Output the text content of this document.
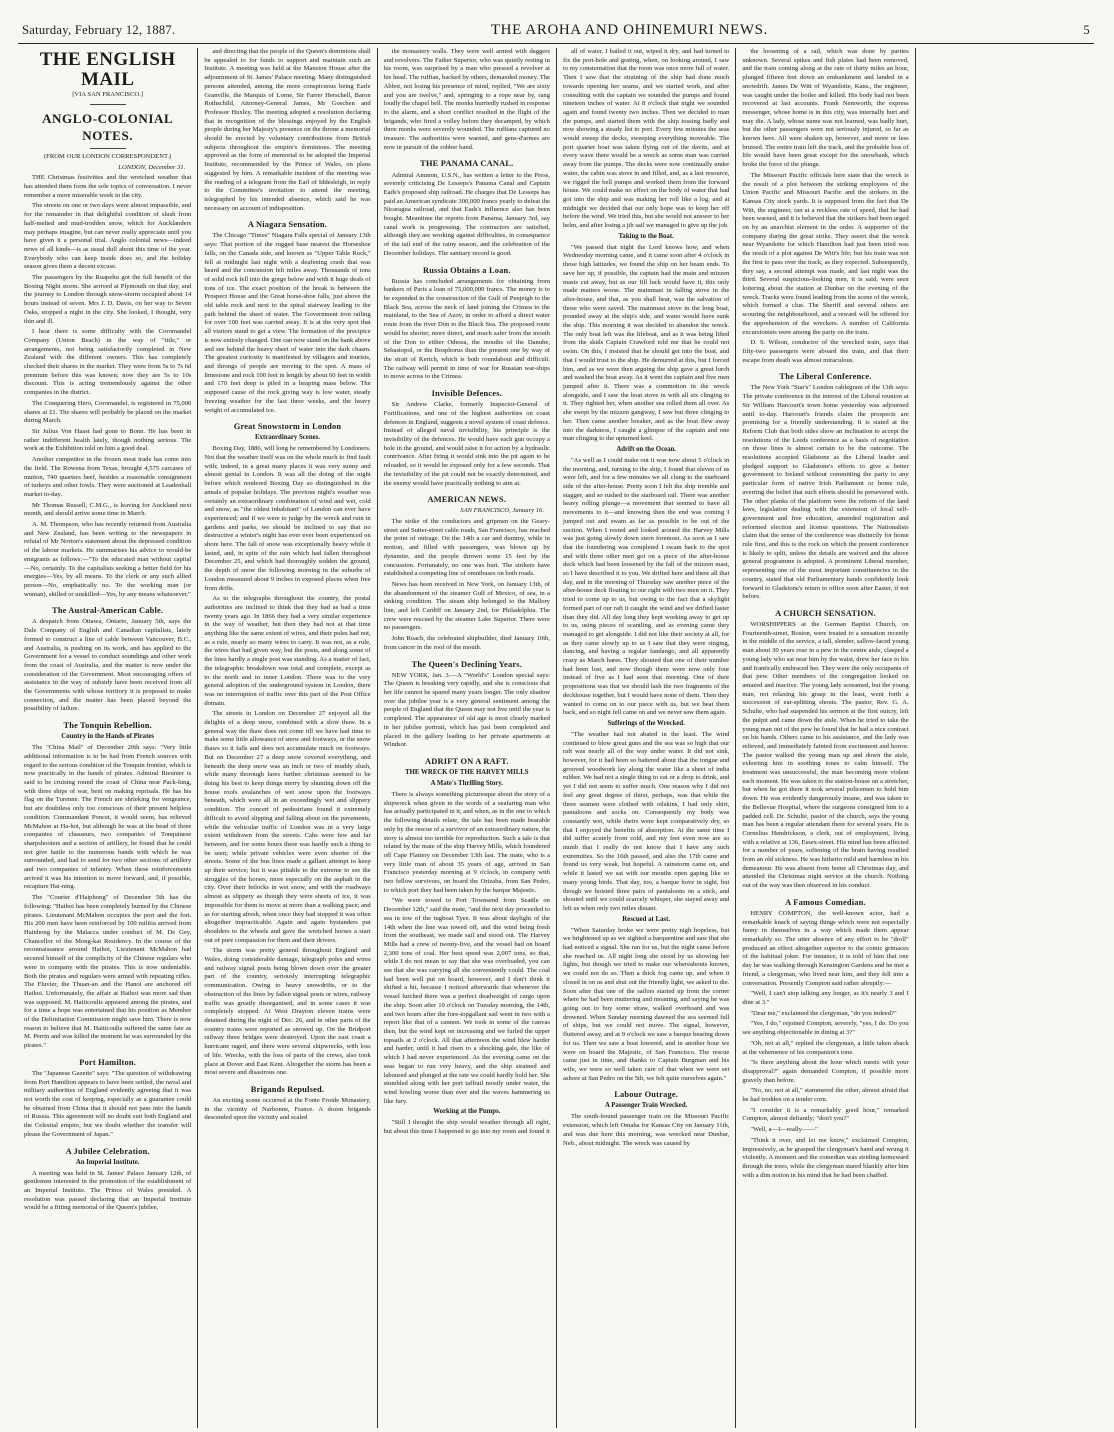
Saturday, February 12, 1887.	THE AROHA AND OHINEMURI NEWS.	5
THE ENGLISH MAIL
[VIA SAN FRANCISCO.]
ANGLO-COLONIAL NOTES.
(FROM OUR LONDON CORRESPONDENT.)
LONDON, December 31.

THE Christmas festivities and the wretched weather that has attended them form the sole topics of conversation. I never remember a more miserable week in the city.

The streets on one or two days were almost impassible, and for the remainder in that delightful condition of slush from half-melted and mud-trodden snow, which for Aucklanders may perhaps imagine, but can never really appreciate until you have given it a personal trial. Anglo colonial news—indeed news of all kinds—is as usual dull about this time of the year. Everybody who can keep inside does so, and the holiday season gives them a decent excuse.

The passengers by the Ruapehu got the full benefit of the Boxing Night storm. She arrived at Plymouth on that day, and the journey to London through snow-storm occupied about 14 hours instead of seven. Mrs J. D. Davis, on her way to Seven Oaks, stopped a night in the city. She looked, I thought, very thin and ill.

I hear there is some difficulty with the Coromandel Company (Union Beach) in the way of "title," or arrangements, not being satisfactorily completed in New Zealand with the different owners. This has completely checked their shares in the market. They were from 5s to 7s 6d premium before this was known; now they are 5s to 10s discount. This is acting tremendously against the other companies in the district.

The Conquering Hero, Coromandel, is registered in 75,000 shares at £1. The shares will probably be placed on the market during March.

Sir Julius Von Haast had gone to Bonn. He has been in rather indifferent health lately, though nothing serious. The work at the Exhibition told on him a good deal.

Another competitor in the frozen meat trade has come into the field. The Rowena from Texas, brought 4,575 carcases of mutton, 740 quarters beef, besides a reasonable consignment of turkeys and other fowls. They were auctioned at Leadenhall market to-day.

Mr Thomas Russell, C.M.G., is leaving for Auckland next month, and should arrive some time in March.

A. M. Thompson, who has recently returned from Australia and New Zealand, has been writing to the newspapers in refutal of Mr Norton's statement about the depressed condition of the labour markets. He summarises his advice to would-be emigrants as follows:—"To the educated man without capital—No, certainly. To the capitalists seeking a better field for his energies—Yes, by all means. To the clerk or any such allied person—No, emphatically no. To the working man (or woman), skilled or unskilled—Yes, by any means whatsoever."

The Austral-American Cable.

A despatch from Ottawa, Ontario, January 5th, says the Dale Company of English and Canadian capitalists, lately formed to construct a line of cable between Vancouver, B.C., and Australia, is pushing on its work, and has applied to the Government for a vessel to conduct soundings and other work from the coast of Australia, and the matter is now under the consideration of the Government. Most encouraging offers of assistance in the way of subsidy have been received from all the Governments with whose territory it is proposed to make connection, and the matter has been placed beyond the possibility of failure.

The Tonquin Rebellion.
Country in the Hands of Pirates

The "China Mail" of December 20th says: "Very little additional information is to be had from French sources with regard to the serious condition of the Tonquin frontier, which is now practically in the hands of pirates. Admiral Rieunier is said to be cruising round the coast of China near Pack-lung, with three ships of war, bent on making reprisals. He has his flag on the Turenne. The French are shrieking for vengeance, but are doubtless only too conscious of their present helpless condition. Commandant Poncet, it would seem, has relieved McMahon at Ha-hot, but although he was at the head of three companies of chasseurs, two companies of Tonquinese sharpshooters and a section of artillery, he found that he could not give battle to the numerous bands with which he was surrounded, and had to send for two other sections of artillery and two companies of infantry. When these reinforcements arrived it was his intention to move forward, and, if possible, recapture Hai-ning.

The "Courier d'Haiphong" of December 5th has the following: "Haihoi has been completely burned by the Chinese pirates. Lieutenant McMahon occupies the port and the fort. His 200 men have been reinforced by 100 militia arrived from Hainhong by the Malacca under conduct of M. De Gey, Chancellor of the Mong-kai Residency. In the course of the reconnaissance around Haihoi, Lieutenant McMahon had secured himself of the complicity of the Chinese regulars who were in company with the pirates. This is now undeniable. Both the pirates and regulars were armed with repeating rifles. The Fluvier, the Thuan-an and the Hanoi are anchored off Haihoi. Unfortunately, the affair at Haihoi was more sad than was supposed. M. Haiticoulis appeared among the pirates, and for a time a hope was entertained that his position as Member of the Delimitation Commission might save him. There is now reason to believe that M. Haiticoulis suffered the same fate as M. Perrin and was killed the moment he was surrounded by the pirates."

Port Hamilton.

The "Japanese Gazette" says: "The question of withdrawing from Port Hamilton appears to have been settled, the naval and military authorities of England evidently agreeing that it was not worth the cost of keeping, especially as a guarantee could be obtained from China that it should not pass into the hands of Russia. This agreement will no doubt suit both England and the Celestial empire, but we doubt whether the transfer will please the Government of Japan."

A Jubilee Celebration.
An Imperial Institute.

A meeting was held in St. James' Palace January 12th, of gentlemen interested in the promotion of the establishment of an Imperial Institute. The Prince of Wales presided. A resolution was passed declaring that an Imperial Institute would be a fitting memorial of the Queen's jubilee,

and directing that the people of the Queen's dominions shall be appealed to for funds to support and maintain such an Institute. A meeting was held at the Mansion House after the adjournment of St. James' Palace meeting. Many distinguished persons attended, among the more conspicuous being Earle Granville, the Marquis of Lorne, Sir Farrer Herschell, Baron Rothschild, Attorney-General James, Mr Goschen and Professor Huxley. The meeting adopted a resolution declaring that in recognition of the blessings enjoyed by the English people during her Majesty's presence on the throne a memorial should be erected by voluntary contributions from British subjects throughout the empire's dominions. The meeting approved as the form of memorial to be adopted the Imperial Institute, recommended by the Prince of Wales, on plans suggested by him. A remarkable incident of the meeting was the reading of a telegram from the Earl of Iddesleigh, in reply to the Committee's invitation to attend the meeting, telegraphed by his intended absence, which said he was necessary on account of indisposition.

A Niagara Sensation.

The Chicago "Times" Niagara Falls special of January 13th says: That portion of the rugged base nearest the Horseshoe falls, on the Canada side, and known as "Upper Table Rock," fell at midnight last night with a deafening crash that was heard and the concussion felt miles away. Thousands of tons of solid rock fell into the gorge below and with it huge deals of tons of ice. The exact position of the break is between the Prospect House and the Great horse-shoe falls, just above the old table rock and next to the spiral stairway leading to the path behind the sheet of water. The Government iron railing for over 100 feet was carried away. It is at the very spot that all visitors stand to get a view. The formation of the precipice is now entirely changed. One can now stand on the bank above and see behind the heavy sheet of water into the dark chasm. The greatest curiosity is manifested by villagers and tourists, and throngs of people are moving to the spot. A mass of limestone and rock 100 feet in length by about 60 feet in width and 170 feet deep is piled in a heaping mass below. The supposed cause of the rock giving way is low water, steady freezing weather for the last three weeks, and the heavy weight of accumulated ice.

Great Snowstorm in London
Extraordinary Scenes.

Boxing Day, 1886, will long be remembered by Londoners. Not that the weather itself was on the whole much to find fault with; indeed, in a great many places it was very sunny and almost genial in London. It was all the doing of the night before which rendered Boxing Day so distinguished in the annals of popular holidays. The previous night's weather was certainly an extraordinary combination of wind and wet, cold and snow, as "the oldest inhabitant" of London can ever have experienced; and if we were to judge by the wreck and ruin in gardens and parks, we should be inclined to say that no destructive a winter's night has ever ever been experienced on shore here. The fall of snow was exceptionally heavy while it lasted, and, in spite of the rain which had fallen throughout December 25, and which had thoroughly sodden the ground, the depth of snow the following morning in the suburbs of London measured about 9 inches in exposed places when free from drifts.

As to the telegraphs throughout the country, the postal authorities are inclined to think that they had as bad a time twenty years ago. In 1866 they had a very similar experience in the way of weather, but then they had not at that time anything like the same extent of wires, and their poles had not, as a rule, nearly so many wires to carry. It was not, as a rule, the wires that had given way, but the posts, and along some of the lines hardly a single post was standing. As a matter of fact, the telegraphic breakdown was total and complete, except as to the north and in inner London. There was to the very general adoption of the underground system in London, there was no interruption of traffic over this part of the Post Office domain.

The streets in London on December 27 enjoyed all the delights of a deep snow, combined with a slow thaw. In a general way the thaw does not come till we have had time to make some little allowance of snow and footways, or the snow thaws so it falls and does not accumulate much on footways. But on December 27 a deep snow covered everything, and beneath the deep snow was an inch or two of muddy slush, while many thorough fares further christmas seemed to be doing his best to keep things merry by shunting down off the house roofs avalanches of wet snow upon the footways beneath, which were all in an exceedingly wet and slippery condition. The concert of pedestrians found it extremely difficult to avoid slipping and falling about on the pavements, while the vehicular traffic of London was in a very large extent withdrawn from the streets. Cabs were few and far between, and for some hours there was hardly such a thing to be seen; while private vehicles were even shorter of the streets. Some of the bus lines made a gallant attempt to keep up their service; but it was pitiable to the extreme to see the struggles of the horses, more especially on the asphalt in the city. Over their fetlocks in wet snow, and with the roadways almost as slippery as though they were sheets of ice, it was impossible for them to move at more than a walking pace; and as for starting afresh, when once they had stopped it was often altogether impracticable. Again and again bystanders put shoulders to the wheels and gave the wretched horses a start out of pure compassion for them and their drivers.

The storm was pretty general throughout England and Wales, doing considerable damage, telegraph poles and wires and railway signal posts being blown down over the greater part of the country, seriously interrupting telegraphic communication. Owing to heavy snowdrifts, or to the obstruction of the lines by fallen signal posts or wires, railway traffic was greatly disorganised, and in some cases it was completely stopped. At West Drayton eleven trains were detained during the night of Dec. 26, and in other parts of the country trains were reported as snowed up. On the Bridport railway three bridges were destroyed. Upon the east coast a hurricane raged, and there were several shipwrecks, with loss of life. Wrecks, with the loss of parts of the crews, also took place at Dover and East Kent. Altogether the storm has been a most severe and disastrous one.

Brigands Repulsed.

An exciting scene occurred at the Fonte Froide Monastery, in the vicinity of Narbonne, France. A dozen brigands descended upon the vicinity and scaled

the monastery walls. They were well armed with daggers and revolvers. The Father Superior, who was quietly resting in his room, was surprised by a man who pressed a revolver at his head. The ruffian, backed by others, demanded money. The Abbot, not losing his presence of mind, replied, "We are sixty and you are twelve," and, springing to a rope near by, rang loudly the chapel bell. The monks hurriedly rushed in response to the alarm, and a short conflict resulted in the flight of the brigands, who fired a volley before they decamped, by which three monks were severely wounded. The ruffians captured no treasure. The authorities were warned, and gens-d'armes are now in pursuit of the robber band.

THE PANAMA CANAL.

Admiral Ammon, U.S.N., has written a letter to the Press, severely criticising De Lesseps's Panama Canal and Captain Eads's proposed ship railroad. He charges that De Lesseps has paid an American syndicate 300,000 francs yearly to defeat the Nicaragua railroad, and that Eads's influence also has been bought. Meantime the reports from Panama, January 3rd, say canal work is progressing. The contractors are satisfied, although they are working against difficulties, in consequence of the tail end of the rainy season, and the celebration of the December holidays. The sanitary record is good.

Russia Obtains a Loan.

Russia has concluded arrangements for obtaining from bankers of Paris a loan of 75,000,000 francs. The money is to be expended in the construction of the Gulf of Penjeigh to the Black Sea, across the neck of land joining the Crimea to the mainland, to the Sea of Azov, in order to afford a direct water route from the river Don to the Black Sea. The proposed route would be shorter, more direct, and much safer from the mouth of the Don to either Odessa, the mouths of the Danube, Sebastopol, or the Bosphorus than the present one by way of the strait of Kertch, which is both roundabout and difficult. The railway will permit in time of war for Russian war-ships to move across to the Crimea.

Invisible Defences.

Sir Andrew Clarke, formerly Inspector-General of Fortifications, and one of the highest authorities on coast defences in England, suggests a novel system of coast defence. Instead of alleged naval invisibility, his principle is the invisibility of the defences. He would have each gun occupy a hole in the ground, and would raise it for action by a hydraulic contrivance. After firing it would sink into the pit again to be reloaded, so it would be exposed only for a few seconds. That the invisibility of the pit could not be exactly determined, and the enemy would have practically nothing to aim at.

AMERICAN NEWS.
SAN FRANCISCO, January 16.

The strike of the conductors and gripmen on the Geary-street and Sutter-street cable roads, San Francisco, has reached the point of outrage. On the 14th a car and dummy, while in motion, and filled with passengers, was blown up by dynamite, and the people thrown some 15 feet by the concussion. Fortunately, no one was hurt. The strikers have established a competing line of omnibuses on both roads.

News has been received in New York, on January 13th, of the abandonment of the steamer Gulf of Mexico, of sea, in a sinking condition. The steam ship belonged to the Mallory line, and left Cardiff on January 2nd, for Philadelphia. The crew were rescued by the steamer Lake Superior. There were no passengers.

John Roach, the celebrated shipbuilder, died January 10th, from cancer in the roof of the mouth.

The Queen's Declining Years.

NEW YORK, Jan. 3.—A "World's" London special says: The Queen is breaking very rapidly, and she is conscious that her life cannot be spared many years longer. The only shadow over the jubilee year is a very general sentiment among the people of England that the Queen may not live until the year is completed. The appearance of old age is most clearly marked in her jubilee portrait, which has just been completed and placed in the gallery leading to her private apartments at Windsor.

ADRIFT ON A RAFT.
THE WRECK OF THE HARVEY MILLS
A Mate's Thrilling Story.

There is always something picturesque about the story of a shipwreck when given in the words of a seafaring man who has actually participated in it, and when, as in the one to which the following details relate, the tale has been made bearable only by the rescue of a survivor of an extraordinary nature, the story is almost too terrible for reproduction. Such a tale is that related by the mate of the ship Harvey Mills, which foundered off Cape Flattery on December 13th last. The mate, who is a very little man of about 35 years of age, arrived in San Francisco yesterday morning at 9 o'clock, in company with two fellow survivors, on board the Orizaba, from San Pedro, to which port they had been taken by the barque Majestic.

"We were towed to Port Townsend from Seattle on December 12th," said the mate, "and the next day proceeded to sea in tow of the tugboat Tyee. It was about daylight of the 14th when the line was towed off, and the wind being fresh from the southeast, we made sail and stood out. The Harvey Mills had a crew of twenty-five, and the vessel had on board 2,300 tons of coal. Her best speed was 2,007 tons, so that, while I do not mean to say that she was overloaded, you can see that she was carrying all she conveniently could. The coal had been well put on board, however, and I don't think it shifted a bit, because I noticed afterwards that whenever the vessel lurched there was a perfect deadweight of cargo upon the ship. Soon after 10 o'clock on Tuesday morning, the 14th, and two hours after the fore-topgallant sail went in two with a report like that of a cannon. We took in some of the canvas then, but the wind kept on increasing and we furled the upper topsails at 2 o'clock. All that afternoon the wind blew harder and harder, until it had risen to a shocking gale, the like of which I had never experienced. As the evening came on the seas began to run very heavy, and the ship strained and laboured and plunged at the rate we could hardly hold her. She stumbled along with her port taffrail mostly under water, the wind howling worse than ever and the waves hammering us like fury.

Working at the Pumps.

"Still I thought the ship would weather through all right, but about this time I happened to go into my room and found it

all of water. I bailed it out, wiped it dry, and had turned to fix the port-hole and grating, when, on looking around, I saw to my consternation that the room was once more full of water. Then I saw that the straining of the ship had done much towards opening her seams, and we started work, and after consulting with the captain we sounded the pumps and found nineteen inches of water. At 8 o'clock that night we sounded again and found twenty two inches. Then we decided to man the pumps, and started them with the ship tossing badly and now showing a steady list to port. Every few minutes the seas would sweep the decks, sweeping everything moveable. The port quarter boat was taken flying out of the davits, and at every wave there would be a wreck as some man was carried away from the pumps. The decks were now continually under water, the cabin was stove in and filled, and, as a last resource, we rigged the bell pumps and worked them from the forward house. We could make no effect on the body of water that had got into the ship and was making her roll like a log, and at midnight we decided that our only hope was to keep her off before the wind. We tried this, but she would not answer to her helm, and after losing a jib sail we managed to give up the job.

Taking to the Boat.

"We passed that night the Lord knows how, and when Wednesday morning came, and it came soon after 4 o'clock in those high latitudes, we found the ship on her beam ends. To save her up, if possible, the captain had the main and mizzen masts cut away, but as our fill luck would have it, this only made matters worse. The mainmast in falling stove in the after-house, and that, as you shall hear, was the salvation of those who were saved. The mainmast stove in the long boat, pounded away at the ship's side, and water would have sunk the ship. This morning it was decided to abandon the wreck. The only boat left was the lifeboat, and as it was being lifted from the skids Captain Crawford told me that he could not swim. On this, I insisted that he should get into the boat, and that I would trust to the ship. He demurred at this, but I forced him, and as we were then arguing the ship gave a great lurch and washed the boat away. As it went the captain and five men jumped after it. There was a commotion in the wreck alongside, and I saw the boat stove in with all six clinging to it. They righted her, when another sea rolled them all over. As she swept by the mizzen gangway, I saw but three clinging to her. Then came another breaker, and as the boat flew away into the darkness, I caught a glimpse of the captain and one man clinging to the upturned keel.

Adrift on the Ocean.

"As well as I could make out it was now about 5 o'clock in the morning, and, turning to the ship, I found that eleven of us were left, and for a few minutes we all clung to the starboard side of the after-house. Pretty soon I felt the ship tremble and stagger, and so rushed to the starboard rail. There was another heavy rolling plunge—a movement that seemed to have all movements to it—and knowing then the end was coming I jumped out and swam as far as possible to be out of the suction. When I rested and looked around the Harvey Mills was just going slowly down stern foremost. As soon as I saw that the foundering was completed I swam back to the spot and with three other men got on a piece of the after-house deck which had been loosened by the fall of the mizzen mast, so I have described it to you. We drifted here and there all that day, and in the morning of Thursday saw another piece of the after-house deck floating to our right with two men on it. They tried to come up to us, but owing to the fact that a skylight formed part of our raft it caught the wind and we drifted faster than they did. All day long they kept working away to get up to us, using pieces of scantling, and as evening came they managed to get alongside. I did not like their society at all, for as they came slowly up to us I saw that they were singing, dancing, and having a regular fandango, and all apparently crazy as March hares. They shouted that one of their number had been lost, and now though there were now only four instead of five as I had seen that morning. One of their propositions was that we should lash the two fragments of the deckhouse together, but I would have none of them. Then they wanted to come on to our piece with us, but we beat them back, and so night fell came on and we never saw them again.

Sufferings of the Wrecked.

"The weather had not abated in the least. The wind continued to blow great guns and the sea was so high that our raft was nearly all of the way under water. It did not sink, however, for it had been so battered about that the tongue and grooved woodwork lay along the water like a sheet of india rubber. We had not a single thing to eat or a drop to drink, and yet I did not seem to suffer much. One reason why I did not feel any great degree of thirst, perhaps, was that while the three seamen were clothed with oilskins, I had only shirt, pantaloons and socks on. Consequently my body was constantly wet, while theirs were kept comparatively dry, so that I enjoyed the benefits of absorption. At the same time I did suffer acutely from cold, and my feet even now are so numb that I really do not know that I have any such extremities. So the 16th passed, and also the 17th came and found us very weak, but hopeful. A rainstorm came on, and while it lasted we sat with our mouths open gaping like so many young birds. That day, too, a barque hove in sight, but though we hoisted three pairs of pantaloons on a stick, and shouted until we could scarcely whisper, she stayed away and left us when only two miles distant.

Rescued at Last.

"When Saturday broke we were pretty nigh hopeless, but we brightened up as we sighted a barquentine and saw that she had noticed a signal. She ran for us, but the night came before she reached us. All night long she stood by us showing her lights, but though we tried to make our whereabouts known, we could not do so. Then a thick fog came up, and when it closed in on us and shut out the friendly light, we asked to die. Soon after that one of the sailors started up from the corner where he had been muttering and moaning, and saying he was going out to buy some straw, walked overboard and was drowned. When Sunday morning dawned the sea seemed full of ships, but we could not move. The signal, however, fluttered away, and at 9 o'clock we saw a barque bearing down for us. Then we saw a boat lowered, and in another hour we were on board the Majestic, of San Francisco. The rescue came just in time, and thanks to Captain Burgman and his wife, we were so well taken care of that when we were set ashore at San Pedro on the 5th, we felt quite ourselves again."

Labour Outrage.
A Passenger Train Wrecked.

The south-bound passenger train on the Missouri Pacific extension, which left Omaha for Kansas City on January 11th, and was due here this morning, was wrecked near Dunbar, Neb., about midnight. The wreck was caused by

the loosening of a rail, which was done by parties unknown. Several spikes and fish plates had been removed, and the train coming along at the rate of thirty miles an hour, plunged fifteen feet down an embankment and landed in a snowdrift. James De Witt of Wyandotte, Kans., the engineer, was caught under the boiler and killed. His body had not been recovered at last accounts. Frank Nemworth, the express messenger, whose home is in this city, was internally hurt and may die. A lady, whose name was not learned, was badly hurt, but the other passengers were not seriously injured, so far as known here. All were shaken up, however, and more or less bruised. The entire train left the track, and the probable loss of life would have been great except for the snowbank, which broke the force of the plunge.

The Missouri Pacific officials here state that the wreck is the result of a plot between the striking employees of the Union Pacific and Missouri Pacific and the strikers in the Kansas City stock yards. It is supposed from the fact that De Witt, the engineer, ran at a reckless rate of speed, that he had been warned, and it is believed that the strikers had been urged on by an anarchist element in the order. A supporter of the company during the great strike. They assert that the wreck near Wyandotte for which Hamilton had just been tried was the result of a plot against De Witt's life; but his train was not the first to pass over the track, as they expected. Subsequently, they say, a second attempt was made, and last night was the third. Several suspicious-looking men, it is said, were seen loitering about the station at Dunbar on the evening of the wreck. Tracks were found leading from the scene of the wreck, which formed a clue. The Sheriff and several others are scouring the neighbourhood, and a reward will be offered for the apprehension of the wreckers. A number of California excursionists were among the party on the train.

D. S. Wilson, conductor of the wrecked train, says that fifty-two passengers were aboard the train, and that their escape from death was almost miraculous.

The Liberal Conference.

The New York "Star's" London cablegram of the 13th says: The private conference in the interest of the Liberal reunion at Sir William Harcourt's town home yesterday was adjourned until to-day. Harcourt's friends claim the prospects are promising for a friendly understanding. It is stated at the Reform Club that both sides show an inclination to accept the resolutions of the Leeds conference as a basis of negotiation on those lines is almost certain to be the outcome. The resolutions accepted Gladstone as the Liberal leader and pledged support to Gladstone's efforts to give a better government to Ireland without committing the party to any particular form of native Irish Parliament or home rule, averring the belief that such efforts should be persevered with. The other planks of the platform were the reform of the land laws, legislation dealing with the extension of local self-government and free education, amended registration and reformed election and license questions. The Nationalists claim that the sense of the conference was distinctly for home rule first, and this is the rock on which the present conference is likely to split, unless the details are waived and the above general programme is adopted. A prominent Liberal member, representing one of the most important constituencies in the country, stated that old Parliamentary hands confidently look forward to Gladstone's return to office soon after Easter, if not before.

A CHURCH SENSATION.

WORSHIPPERS at the German Baptist Church, on Fourteenth-street, Boston, were treated to a sensation recently in the middle of the service, a tall, slender, sallow-faced young man about 30 years rose in a pew in the centre aisle, clasped a young lady who sat near him by the waist, drew her face to his and frantically embraced her. They were the only occupants of that pew. Other members of the congregation looked on amazed and inactive. The young lady screamed, but the young man, not relaxing his grasp in the least, went forth a succession of ear-splitting shouts. The pastor, Rev. G. A. Schulte, who had suspended his sermon at the first outcry, left the pulpit and came down the aisle. When he tried to take the young man out of the pew he found that he had a nice contract on his hands. Others came to his assistance, and the lady was relieved, and immediately fainted from excitement and horror. The pastor walked the young man up and down the aisle, exhorting him in soothing tones to calm himself. The treatment was unsuccessful, the man becoming more violent each moment. He was taken to the station-house on a stretcher, but when he got there it took several policemen to hold him down. He was evidently dangerously insane, and was taken to the Bellevue Hospital, where the surgeons consigned him to a padded cell. Dr. Schulte, pastor of the church, says the young man has been a regular attendant there for several years. He is Cornelius Hendrickson, a clerk, out of employment, living with a relative at 136, Essex-street. His mind has been affected for a number of years, softening of the brain having resulted from an old sickness. He was hitherto mild and harmless in his demeanour. He was absent from home all Christmas day, and attended the Christmas night service at the church. Nothing out of the way was then observed in his conduct.

A Famous Comedian.

HENRY COMPTON, the well-known actor, had a remarkable knack of saying things which were not especially funny in themselves in a way which made them appear remarkably so. The utter absence of any effort to be "droll" produced an effect altogether superior to the comic grimaces of the habitual joker. For instance, it is told of him that one day he was walking through Kensington Gardens and he met a friend, a clergyman, who lived near him, and they fell into a conversation. Presently Compton said rather abruptly:—

"Well, I can't stop talking any longer, as it's nearly 3 and I dine at 3."

"Dear me," exclaimed the clergyman, "do you indeed?"

"Yes, I do," rejoined Compton, severely, "yes, I do. Do you see anything objectionable in dining at 3?"

"Oh, not at all," replied the clergyman, a little taken aback at the vehemence of his companion's tone.

"Is there anything about the hour which meets with your disapproval?" again demanded Compton, if possible more gravely than before.

"No, no; not at all," stammered the other, almost afraid that he had trodden on a tender corn.

"I consider it is a remarkably good hour," remarked Compton, almost defiantly; "don't you?"

"Well, a—I—really——"

"Think it over, and let me know," exclaimed Compton, impressively, as he grasped the clergyman's hand and wrung it violently. A moment and the comedian was striding homeward through the trees, while the clergyman stared blankly after him with a dim notion in his mind that he had been chaffed.
